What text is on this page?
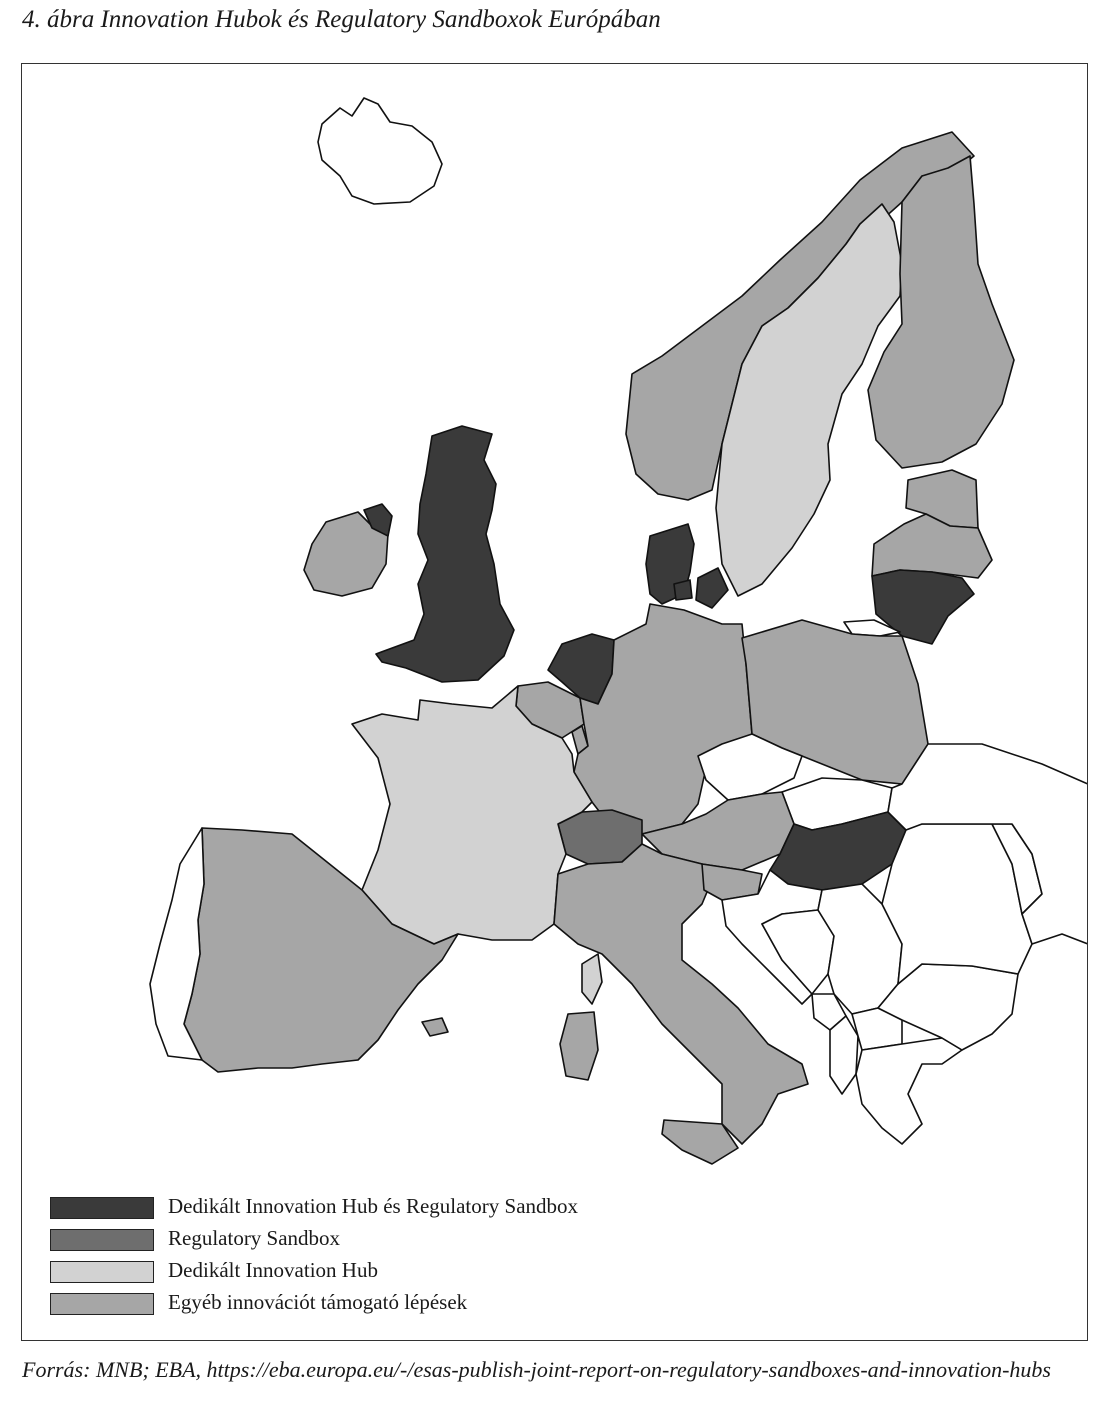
4. ábra Innovation Hubok és Regulatory Sandboxok Európában
Dedikált Innovation Hub és Regulatory Sandbox
Regulatory Sandbox
Dedikált Innovation Hub
Egyéb innovációt támogató lépések
Forrás: MNB; EBA, https://eba.europa.eu/-/esas-publish-joint-report-on-regulatory-sandboxes-and-innovation-hubs
